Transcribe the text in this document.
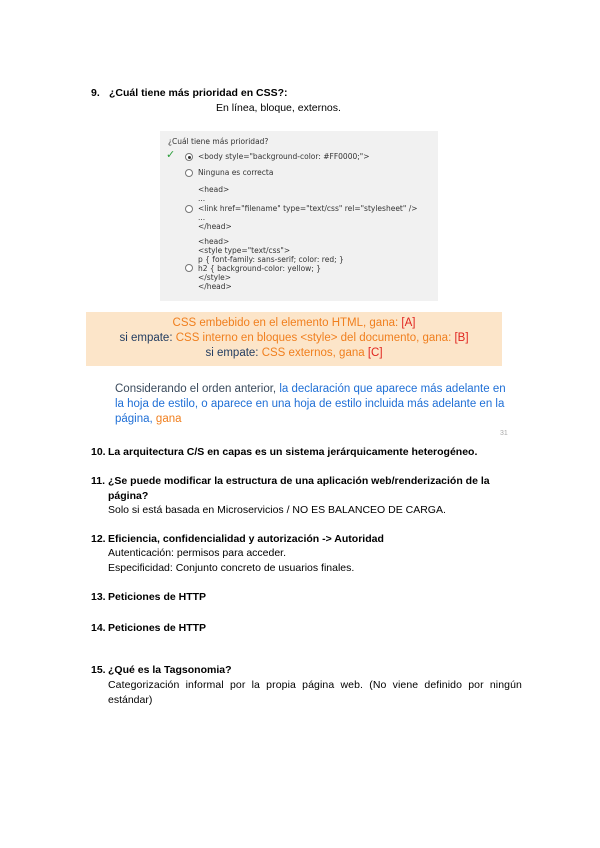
9. ¿Cuál tiene más prioridad en CSS?:
En línea, bloque, externos.
¿Cuál tiene más prioridad?
✓	<body style="background-color: #FF0000;">
Ninguna es correcta
<head>
...
<link href="filename" type="text/css" rel="stylesheet" />
...
</head>
<head>
<style type="text/css">
p { font-family: sans-serif; color: red; }
h2 { background-color: yellow; }
</style>
</head>
CSS embebido en el elemento HTML, gana: [A]
si empate: CSS interno en bloques <style> del documento, gana: [B]
si empate: CSS externos, gana [C]
Considerando el orden anterior, la declaración que aparece más adelante en la hoja de estilo, o aparece en una hoja de estilo incluida más adelante en la página, gana
31
10. La arquitectura C/S en capas es un sistema jerárquicamente heterogéneo.
11. ¿Se puede modificar la estructura de una aplicación web/renderización de la
página?
Solo si está basada en Microservicios / NO ES BALANCEO DE CARGA.
12. Eficiencia, confidencialidad y autorización -> Autoridad
Autenticación: permisos para acceder.
Especificidad: Conjunto concreto de usuarios finales.
13. Peticiones de HTTP
14. Peticiones de HTTP
15. ¿Qué es la Tagsonomia?
Categorización informal por la propia página web. (No viene definido por ningún
estándar)
